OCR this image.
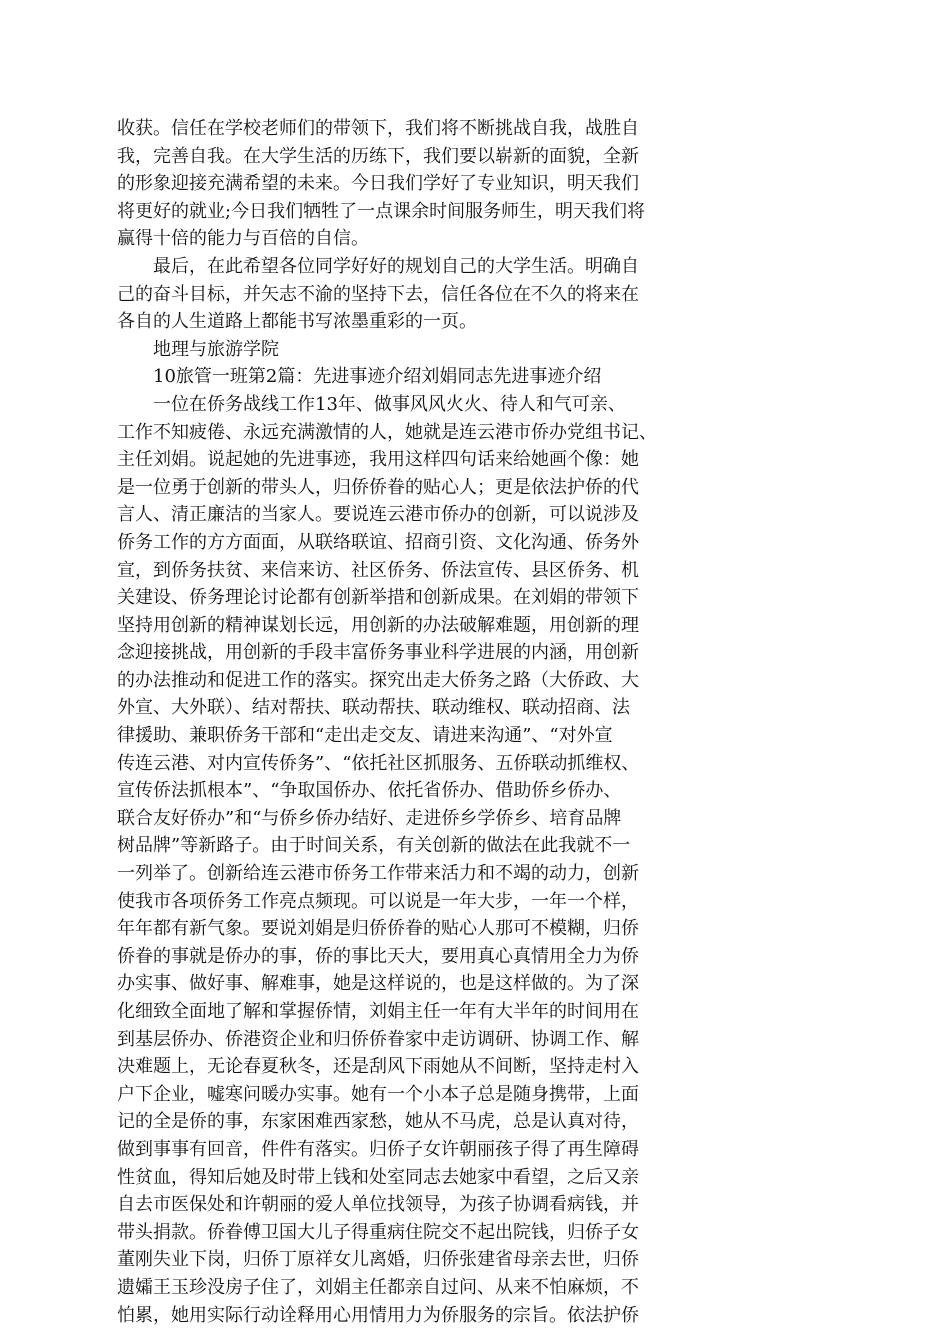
收获。信任在学校老师们的带领下，我们将不断挑战自我，战胜自
我，完善自我。在大学生活的历练下，我们要以崭新的面貌，全新
的形象迎接充满希望的未来。今日我们学好了专业知识，明天我们
将更好的就业;今日我们牺牲了一点课余时间服务师生，明天我们将
赢得十倍的能力与百倍的自信。
最后，在此希望各位同学好好的规划自己的大学生活。明确自
己的奋斗目标，并矢志不渝的坚持下去，信任各位在不久的将来在
各自的人生道路上都能书写浓墨重彩的一页。
地理与旅游学院
10旅管一班第2篇：先进事迹介绍刘娟同志先进事迹介绍
一位在侨务战线工作13年、做事风风火火、待人和气可亲、
工作不知疲倦、永远充满激情的人，她就是连云港市侨办党组书记、
主任刘娟。说起她的先进事迹，我用这样四句话来给她画个像：她
是一位勇于创新的带头人，归侨侨眷的贴心人；更是依法护侨的代
言人、清正廉洁的当家人。要说连云港市侨办的创新，可以说涉及
侨务工作的方方面面，从联络联谊、招商引资、文化沟通、侨务外
宣，到侨务扶贫、来信来访、社区侨务、侨法宣传、县区侨务、机
关建设、侨务理论讨论都有创新举措和创新成果。在刘娟的带领下
坚持用创新的精神谋划长远，用创新的办法破解难题，用创新的理
念迎接挑战，用创新的手段丰富侨务事业科学进展的内涵，用创新
的办法推动和促进工作的落实。探究出走大侨务之路（大侨政、大
外宣、大外联）、结对帮扶、联动帮扶、联动维权、联动招商、法
律援助、兼职侨务干部和“走出走交友、请进来沟通”、“对外宣
传连云港、对内宣传侨务”、“依托社区抓服务、五侨联动抓维权、
宣传侨法抓根本”、“争取国侨办、依托省侨办、借助侨乡侨办、
联合友好侨办”和“与侨乡侨办结好、走进侨乡学侨乡、培育品牌
树品牌”等新路子。由于时间关系，有关创新的做法在此我就不一
一列举了。创新给连云港市侨务工作带来活力和不竭的动力，创新
使我市各项侨务工作亮点频现。可以说是一年大步，一年一个样，
年年都有新气象。要说刘娟是归侨侨眷的贴心人那可不模糊，归侨
侨眷的事就是侨办的事，侨的事比天大，要用真心真情用全力为侨
办实事、做好事、解难事，她是这样说的，也是这样做的。为了深
化细致全面地了解和掌握侨情，刘娟主任一年有大半年的时间用在
到基层侨办、侨港资企业和归侨侨眷家中走访调研、协调工作、解
决难题上，无论春夏秋冬，还是刮风下雨她从不间断，坚持走村入
户下企业，嘘寒问暖办实事。她有一个小本子总是随身携带，上面
记的全是侨的事，东家困难西家愁，她从不马虎，总是认真对待，
做到事事有回音，件件有落实。归侨子女许朝丽孩子得了再生障碍
性贫血，得知后她及时带上钱和处室同志去她家中看望，之后又亲
自去市医保处和许朝丽的爱人单位找领导，为孩子协调看病钱，并
带头捐款。侨眷傅卫国大儿子得重病住院交不起出院钱，归侨子女
董刚失业下岗，归侨丁原祥女儿离婚，归侨张建省母亲去世，归侨
遗孀王玉珍没房子住了，刘娟主任都亲自过问、从来不怕麻烦，不
怕累，她用实际行动诠释用心用情用力为侨服务的宗旨。依法护侨
